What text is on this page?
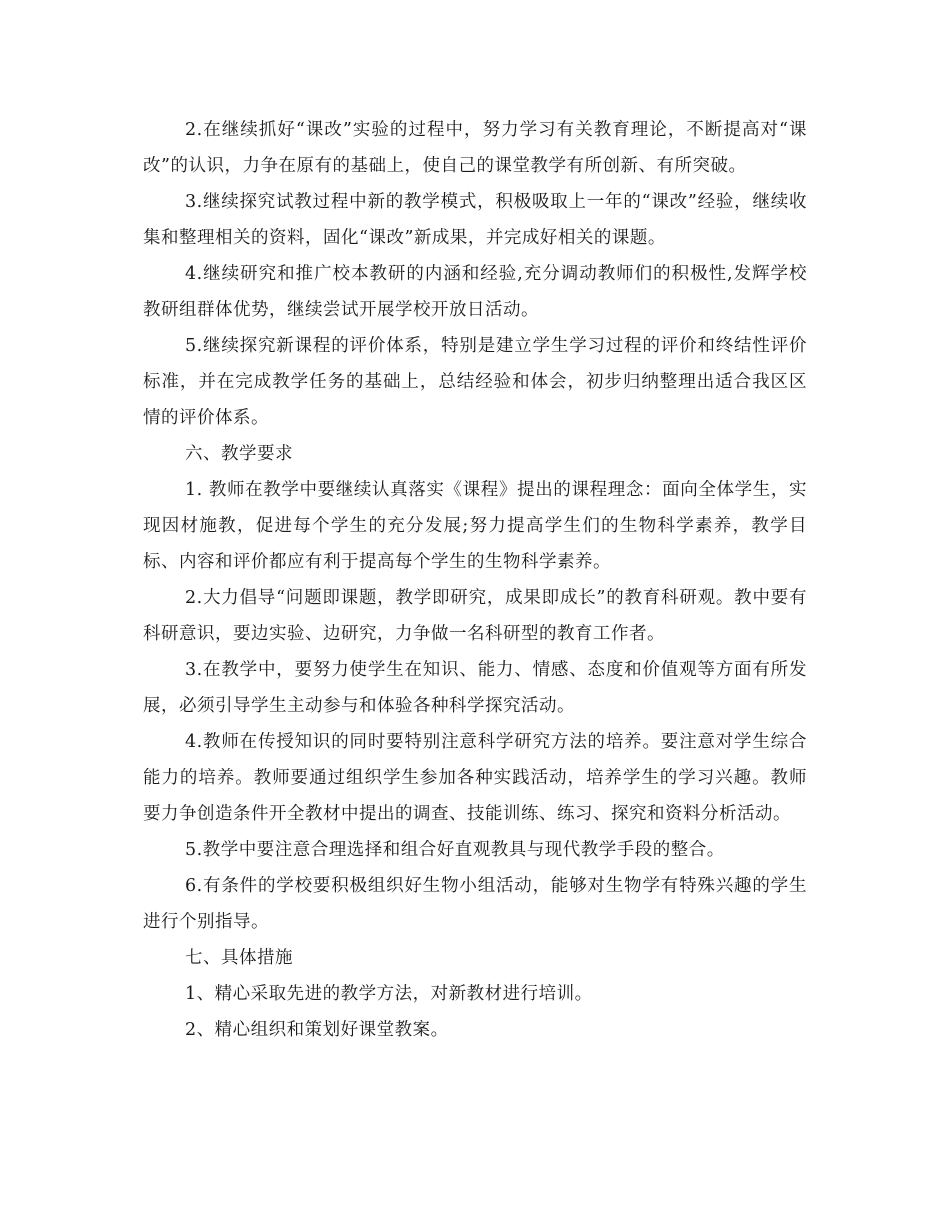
2.在继续抓好“课改”实验的过程中，努力学习有关教育理论，不断提高对“课改”的认识，力争在原有的基础上，使自己的课堂教学有所创新、有所突破。

3.继续探究试教过程中新的教学模式，积极吸取上一年的“课改”经验，继续收集和整理相关的资料，固化“课改”新成果，并完成好相关的课题。

4.继续研究和推广校本教研的内涵和经验,充分调动教师们的积极性,发辉学校教研组群体优势，继续尝试开展学校开放日活动。

5.继续探究新课程的评价体系，特别是建立学生学习过程的评价和终结性评价标准，并在完成教学任务的基础上，总结经验和体会，初步归纳整理出适合我区区情的评价体系。

六、教学要求

1. 教师在教学中要继续认真落实《课程》提出的课程理念：面向全体学生，实现因材施教，促进每个学生的充分发展;努力提高学生们的生物科学素养，教学目标、内容和评价都应有利于提高每个学生的生物科学素养。

2.大力倡导“问题即课题，教学即研究，成果即成长”的教育科研观。教中要有科研意识，要边实验、边研究，力争做一名科研型的教育工作者。

3.在教学中，要努力使学生在知识、能力、情感、态度和价值观等方面有所发展，必须引导学生主动参与和体验各种科学探究活动。

4.教师在传授知识的同时要特别注意科学研究方法的培养。要注意对学生综合能力的培养。教师要通过组织学生参加各种实践活动，培养学生的学习兴趣。教师要力争创造条件开全教材中提出的调查、技能训练、练习、探究和资料分析活动。

5.教学中要注意合理选择和组合好直观教具与现代教学手段的整合。

6.有条件的学校要积极组织好生物小组活动，能够对生物学有特殊兴趣的学生进行个别指导。

七、具体措施

1、精心采取先进的教学方法，对新教材进行培训。

2、精心组织和策划好课堂教案。
